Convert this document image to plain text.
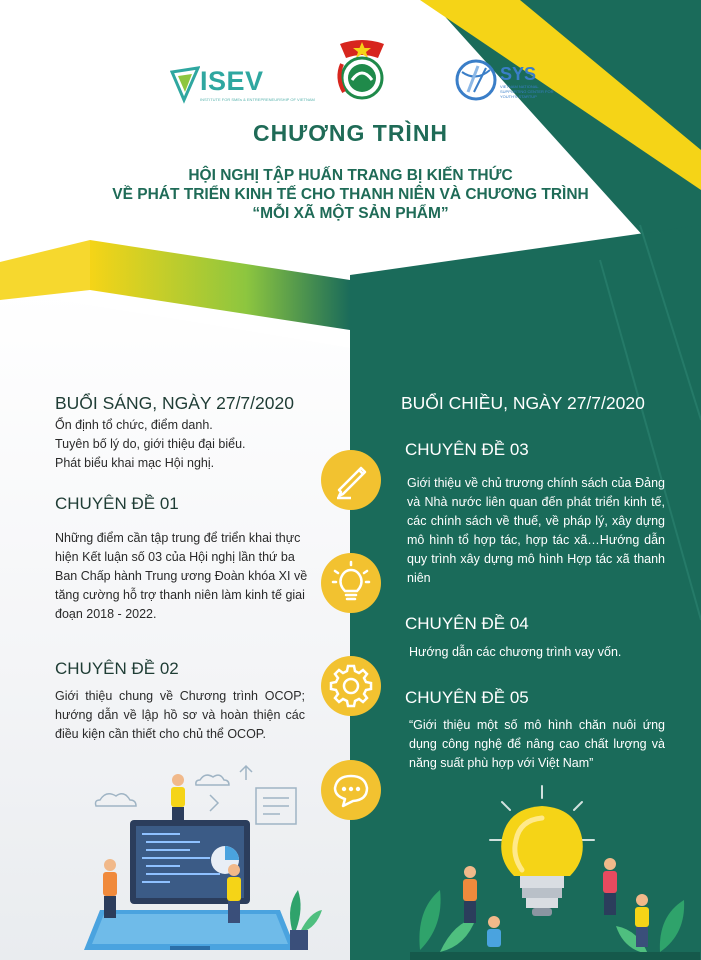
ISEV
INSTITUTE FOR SMEs & ENTREPRENEURSHIP OF VIETNAM
SYS
VIETNAM NATIONAL SUPPORTING CENTER FOR YOUTH'S STARTUP
CHƯƠNG TRÌNH
HỘI NGHỊ TẬP HUẤN TRANG BỊ KIẾN THỨC
VỀ PHÁT TRIỂN KINH TẾ CHO THANH NIÊN VÀ CHƯƠNG TRÌNH
“MỖI XÃ MỘT SẢN PHẨM”
BUỔI SÁNG, NGÀY 27/7/2020
Ổn định tổ chức, điểm danh.
Tuyên bố lý do, giới thiệu đại biểu.
Phát biểu khai mạc Hội nghị.
CHUYÊN ĐỀ 01
Những điểm cần tập trung để triển khai thực hiện Kết luận số 03 của Hội nghị lần thứ ba Ban Chấp hành Trung ương Đoàn khóa XI về tăng cường hỗ trợ thanh niên làm kinh tế giai đoạn 2018 - 2022.
CHUYÊN ĐỀ 02
Giới thiệu chung về Chương trình OCOP; hướng dẫn về lập hồ sơ và hoàn thiện các điều kiện cần thiết cho chủ thể OCOP.
BUỔI CHIỀU, NGÀY 27/7/2020
CHUYÊN ĐỀ 03
Giới thiệu về chủ trương chính sách của Đảng và Nhà nước liên quan đến phát triển kinh tế, các chính sách về thuế, về pháp lý, xây dựng mô hình tổ hợp tác, hợp tác xã…Hướng dẫn quy trình xây dựng mô hình Hợp tác xã thanh niên
CHUYÊN ĐỀ 04
Hướng dẫn các chương trình vay vốn.
CHUYÊN ĐỀ 05
“Giới thiệu một số mô hình chăn nuôi ứng dụng công nghệ để nâng cao chất lượng và năng suất phù hợp với Việt Nam”
